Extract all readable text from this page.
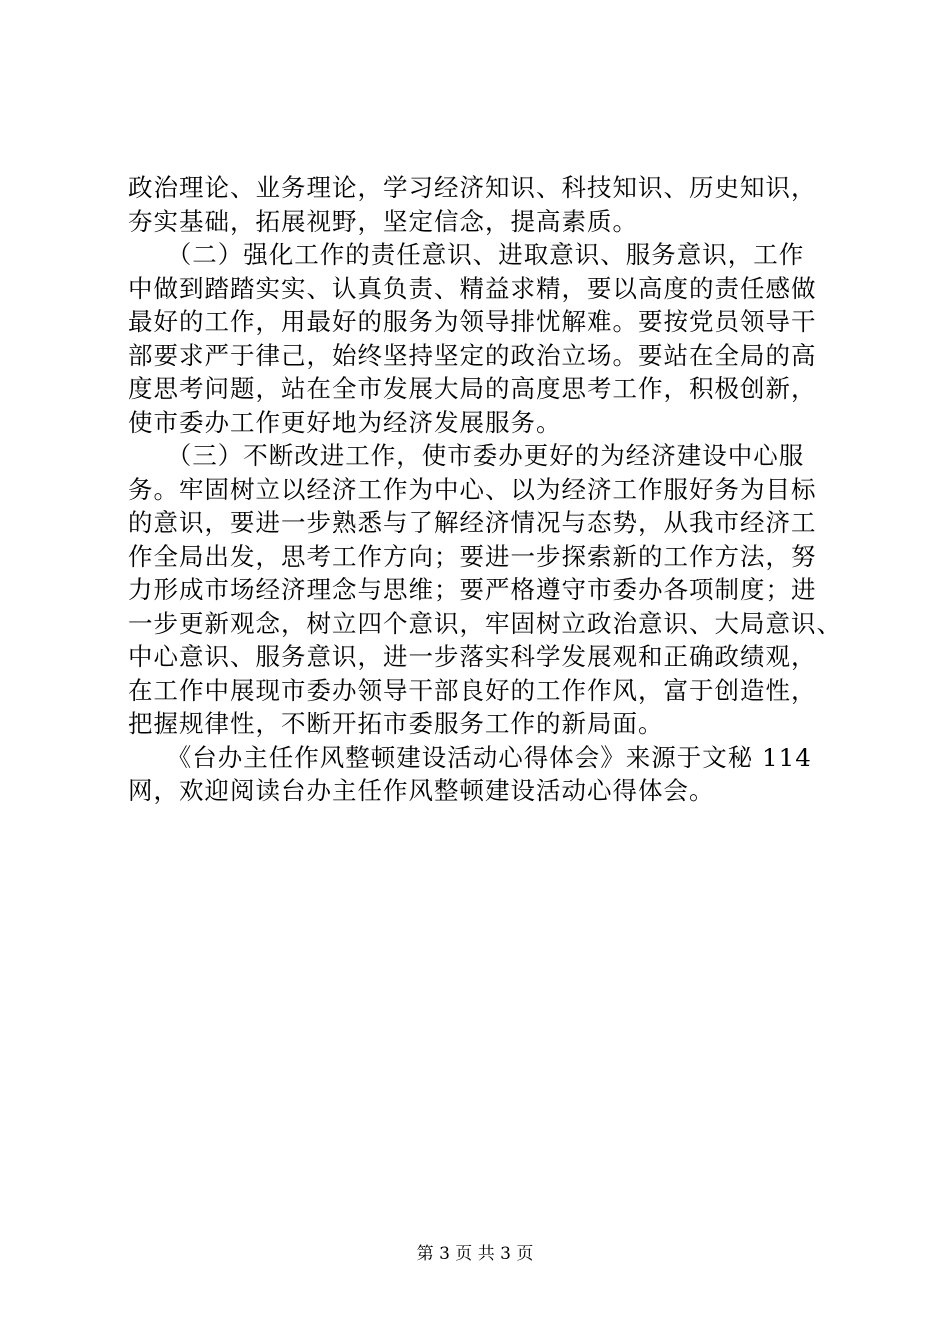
政治理论、业务理论，学习经济知识、科技知识、历史知识，
夯实基础，拓展视野，坚定信念，提高素质。
　　（二）强化工作的责任意识、进取意识、服务意识，工作
中做到踏踏实实、认真负责、精益求精，要以高度的责任感做
最好的工作，用最好的服务为领导排忧解难。要按党员领导干
部要求严于律己，始终坚持坚定的政治立场。要站在全局的高
度思考问题，站在全市发展大局的高度思考工作，积极创新，
使市委办工作更好地为经济发展服务。
　　（三）不断改进工作，使市委办更好的为经济建设中心服
务。牢固树立以经济工作为中心、以为经济工作服好务为目标
的意识，要进一步熟悉与了解经济情况与态势，从我市经济工
作全局出发，思考工作方向；要进一步探索新的工作方法，努
力形成市场经济理念与思维；要严格遵守市委办各项制度；进
一步更新观念，树立四个意识，牢固树立政治意识、大局意识、
中心意识、服务意识，进一步落实科学发展观和正确政绩观，
在工作中展现市委办领导干部良好的工作作风，富于创造性，
把握规律性，不断开拓市委服务工作的新局面。
　　《台办主任作风整顿建设活动心得体会》来源于文秘 114
网，欢迎阅读台办主任作风整顿建设活动心得体会。
第 3 页 共 3 页
